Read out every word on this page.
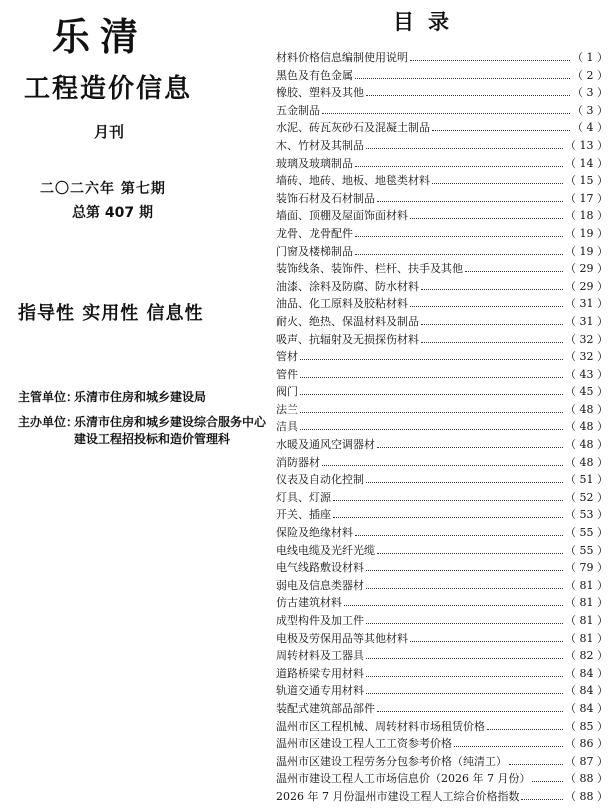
乐清
工程造价信息
月刊
二〇二六年 第七期
总第 407 期
指导性 实用性 信息性
主管单位：
乐清市住房和城乡建设局
主办单位：
乐清市住房和城乡建设综合服务中心
建设工程招投标和造价管理科
目录
材料价格信息编制使用说明	（ 1 ）
黑色及有色金属	（ 2 ）
橡胶、塑料及其他	（ 3 ）
五金制品	（ 3 ）
水泥、砖瓦灰砂石及混凝土制品	（ 4 ）
木、竹材及其制品	（ 13 ）
玻璃及玻璃制品	（ 14 ）
墙砖、地砖、地板、地毯类材料	（ 15 ）
装饰石材及石材制品	（ 17 ）
墙面、顶棚及屋面饰面材料	（ 18 ）
龙骨、龙骨配件	（ 19 ）
门窗及楼梯制品	（ 19 ）
装饰线条、装饰件、栏杆、扶手及其他	（ 29 ）
油漆、涂料及防腐、防水材料	（ 29 ）
油品、化工原料及胶粘材料	（ 31 ）
耐火、绝热、保温材料及制品	（ 31 ）
吸声、抗辐射及无损探伤材料	（ 32 ）
管材	（ 32 ）
管件	（ 43 ）
阀门	（ 45 ）
法兰	（ 48 ）
洁具	（ 48 ）
水暖及通风空调器材	（ 48 ）
消防器材	（ 48 ）
仪表及自动化控制	（ 51 ）
灯具、灯源	（ 52 ）
开关、插座	（ 53 ）
保险及绝缘材料	（ 55 ）
电线电缆及光纤光缆	（ 55 ）
电气线路敷设材料	（ 79 ）
弱电及信息类器材	（ 81 ）
仿古建筑材料	（ 81 ）
成型构件及加工件	（ 81 ）
电极及劳保用品等其他材料	（ 81 ）
周转材料及工器具	（ 82 ）
道路桥梁专用材料	（ 84 ）
轨道交通专用材料	（ 84 ）
装配式建筑部品部件	（ 84 ）
温州市区工程机械、周转材料市场租赁价格	（ 85 ）
温州市区建设工程人工工资参考价格	（ 86 ）
温州市区建设工程劳务分包参考价格（纯清工）	（ 87 ）
温州市建设工程人工市场信息价（2026 年 7 月份）	（ 88 ）
2026 年 7 月份温州市建设工程人工综合价格指数	（ 88 ）
